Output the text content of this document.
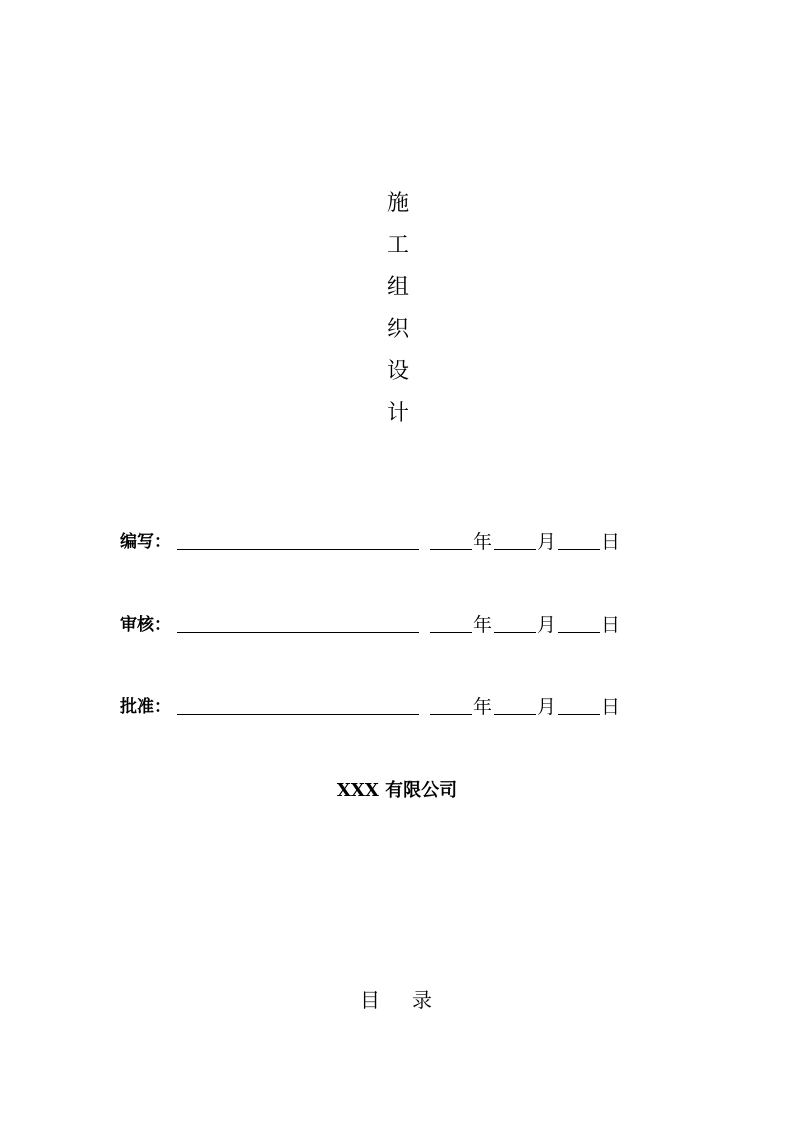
施
工
组
织
设
计
编写：	年 月 日
审核：	年 月 日
批准：	年 月 日
XXX 有限公司
目 录
